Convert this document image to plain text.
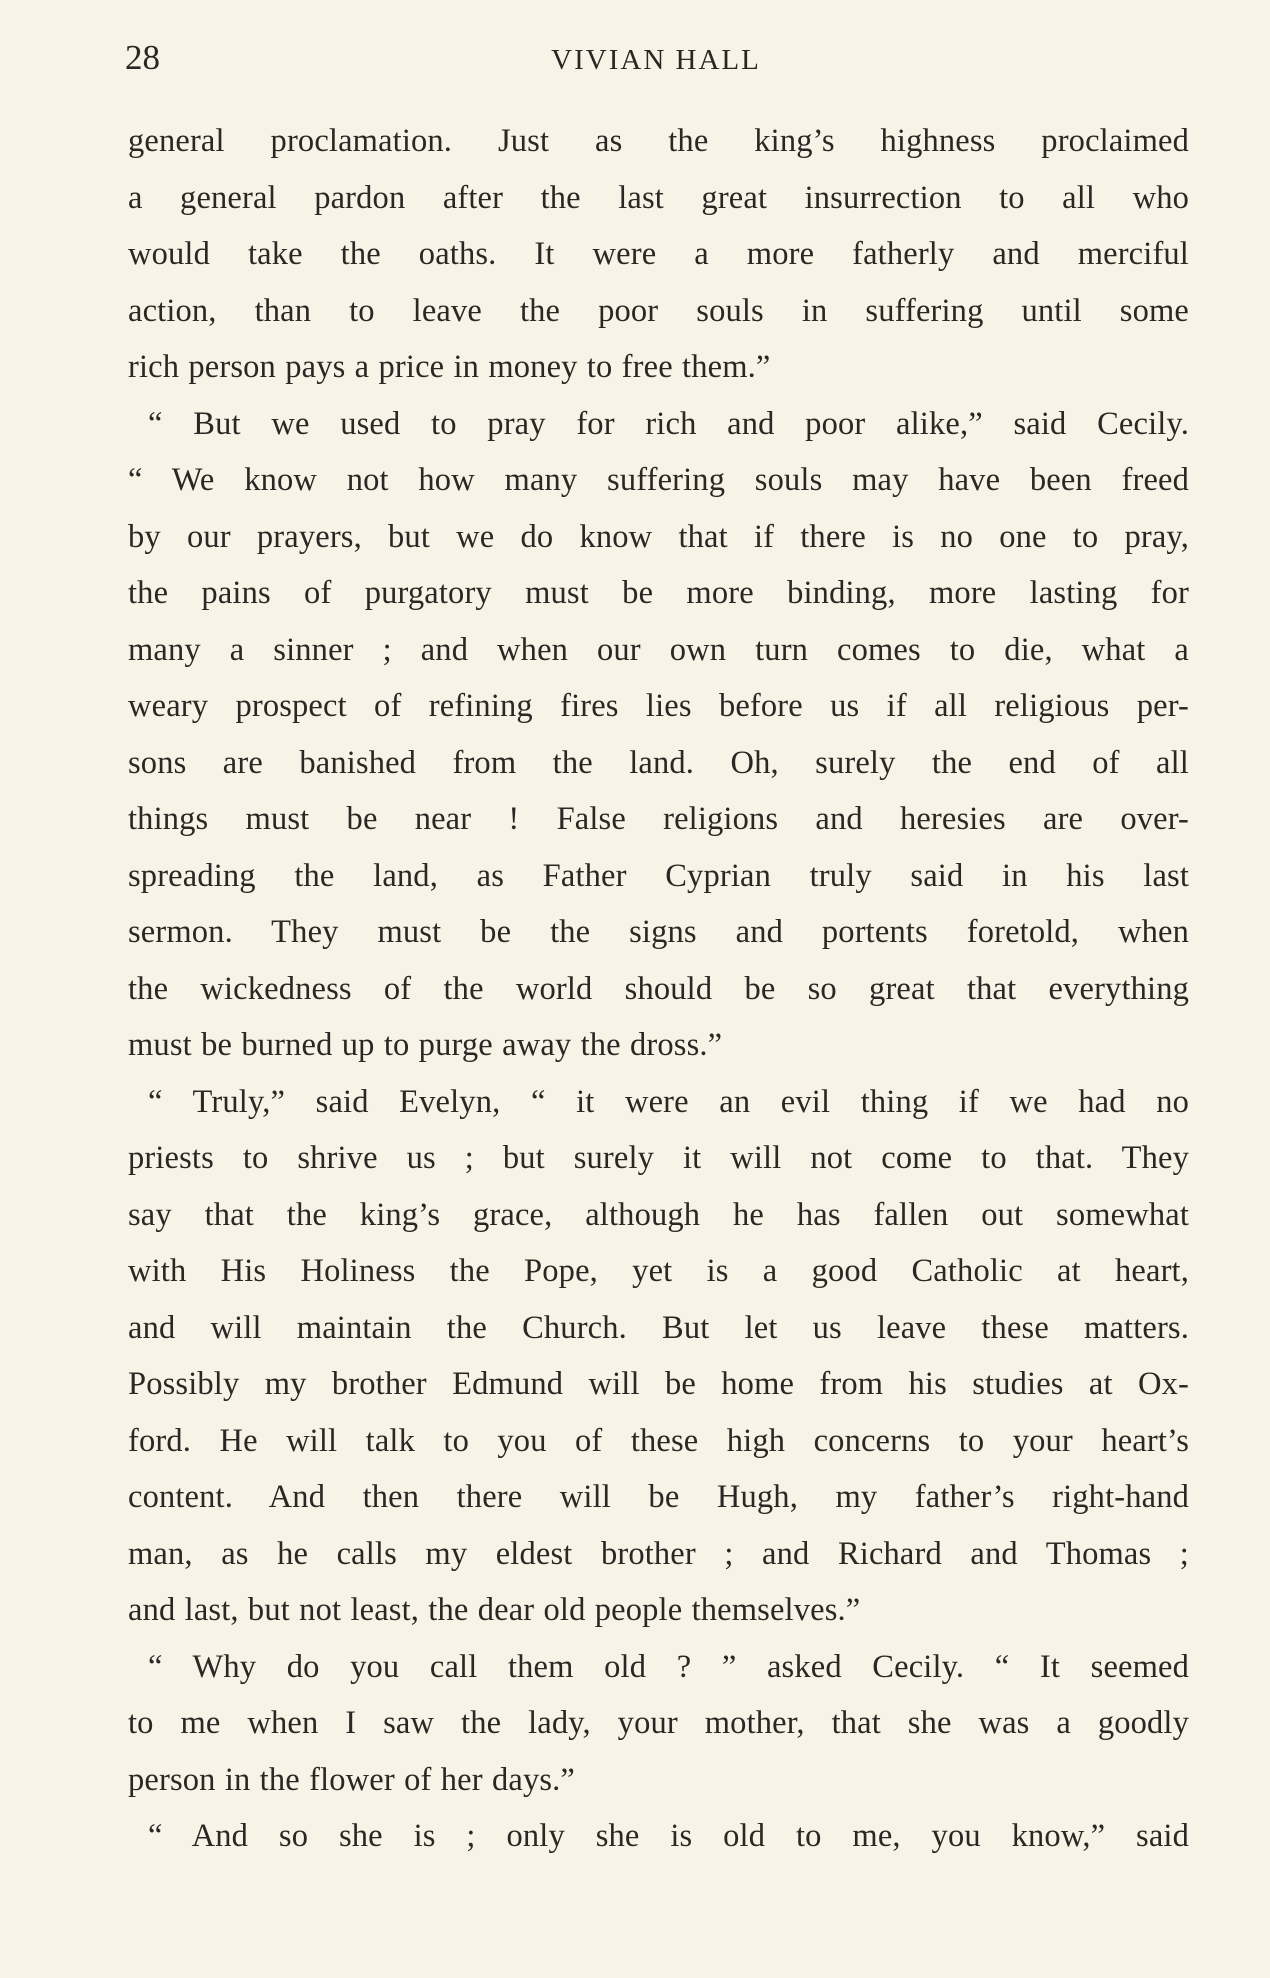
28	VIVIAN HALL
general proclamation. Just as the king’s highness proclaimed
a general pardon after the last great insurrection to all who
would take the oaths. It were a more fatherly and merciful
action, than to leave the poor souls in suffering until some
rich person pays a price in money to free them.”
“ But we used to pray for rich and poor alike,” said Cecily.
“ We know not how many suffering souls may have been freed
by our prayers, but we do know that if there is no one to pray,
the pains of purgatory must be more binding, more lasting for
many a sinner ; and when our own turn comes to die, what a
weary prospect of refining fires lies before us if all religious per-
sons are banished from the land. Oh, surely the end of all
things must be near ! False religions and heresies are over-
spreading the land, as Father Cyprian truly said in his last
sermon. They must be the signs and portents foretold, when
the wickedness of the world should be so great that everything
must be burned up to purge away the dross.”
“ Truly,” said Evelyn, “ it were an evil thing if we had no
priests to shrive us ; but surely it will not come to that. They
say that the king’s grace, although he has fallen out somewhat
with His Holiness the Pope, yet is a good Catholic at heart,
and will maintain the Church. But let us leave these matters.
Possibly my brother Edmund will be home from his studies at Ox-
ford. He will talk to you of these high concerns to your heart’s
content. And then there will be Hugh, my father’s right-hand
man, as he calls my eldest brother ; and Richard and Thomas ;
and last, but not least, the dear old people themselves.”
“ Why do you call them old ? ” asked Cecily. “ It seemed
to me when I saw the lady, your mother, that she was a goodly
person in the flower of her days.”
“ And so she is ; only she is old to me, you know,” said
